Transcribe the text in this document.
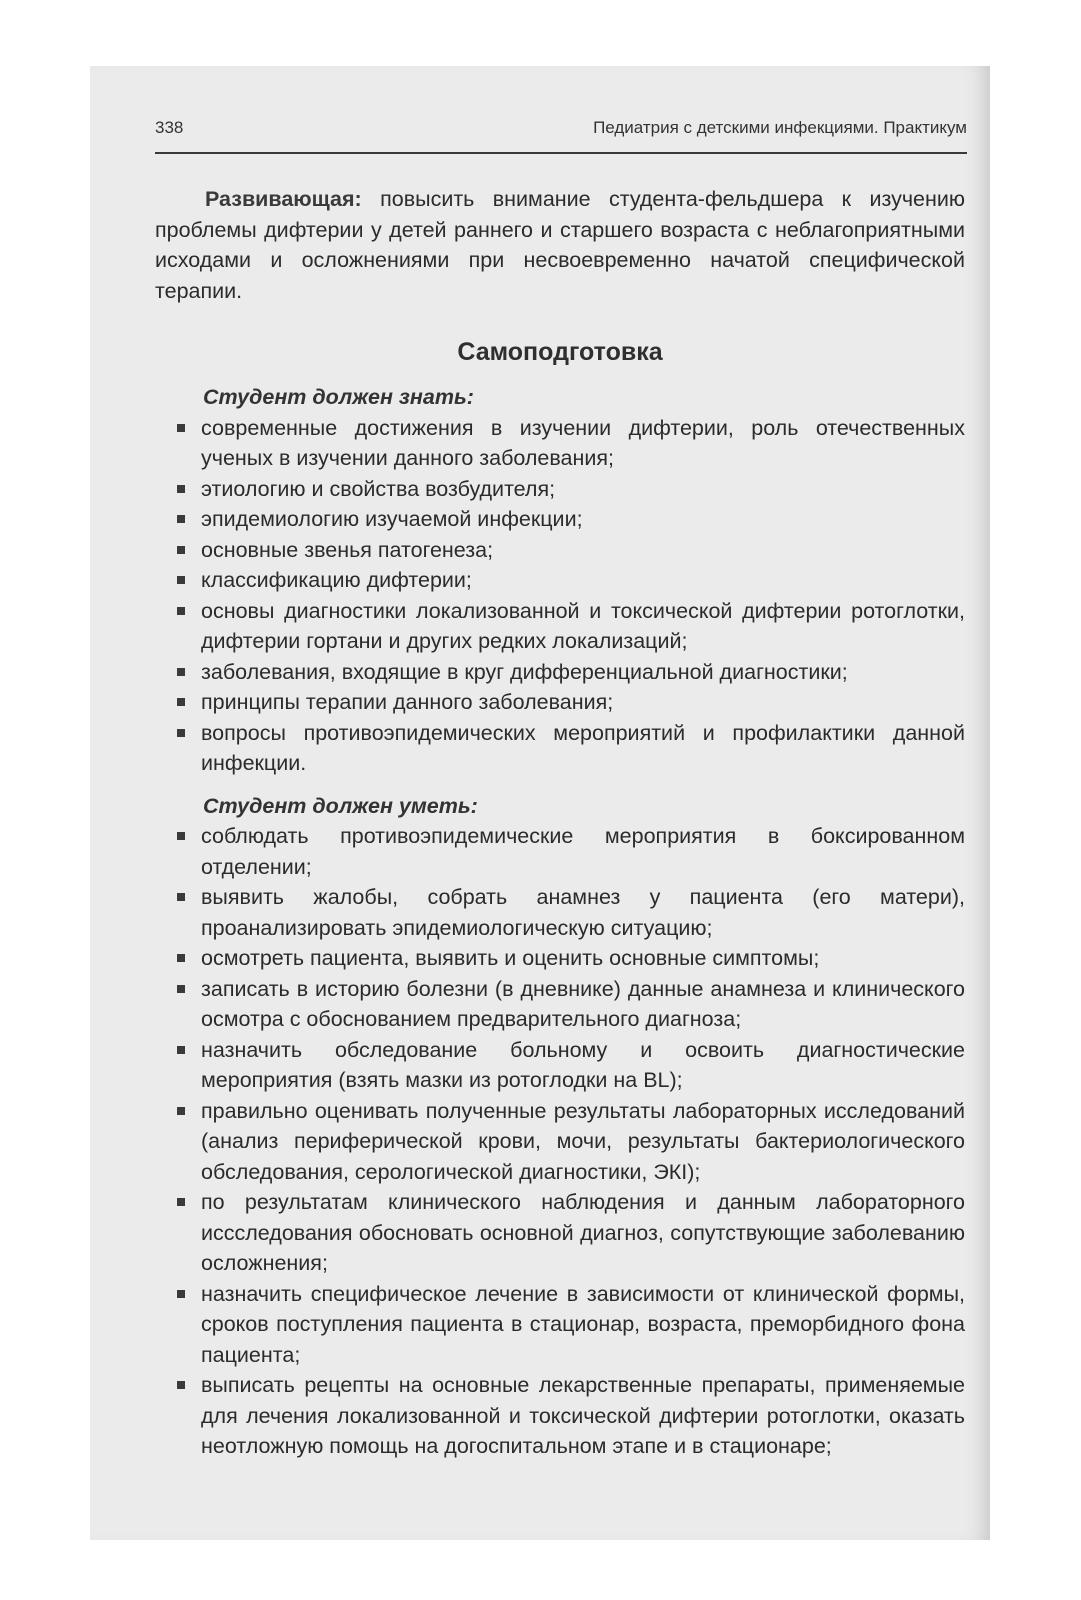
338	Педиатрия с детскими инфекциями. Практикум

Развивающая: повысить внимание студента-фельдшера к изучению проблемы дифтерии у детей раннего и старшего возраста с неблагоприятными исходами и осложнениями при несвоевременно начатой специфической терапии.

Самоподготовка
Студент должен знать:
современные достижения в изучении дифтерии, роль отечественных ученых в изучении данного заболевания;
этиологию и свойства возбудителя;
эпидемиологию изучаемой инфекции;
основные звенья патогенеза;
классификацию дифтерии;
основы диагностики локализованной и токсической дифтерии ротоглотки, дифтерии гортани и других редких локализаций;
заболевания, входящие в круг дифференциальной диагностики;
принципы терапии данного заболевания;
вопросы противоэпидемических мероприятий и профилактики данной инфекции.
Студент должен уметь:
соблюдать противоэпидемические мероприятия в боксированном отделении;
выявить жалобы, собрать анамнез у пациента (его матери), проанализировать эпидемиологическую ситуацию;
осмотреть пациента, выявить и оценить основные симптомы;
записать в историю болезни (в дневнике) данные анамнеза и клинического осмотра с обоснованием предварительного диагноза;
назначить обследование больному и освоить диагностические мероприятия (взять мазки из ротоглодки на BL);
правильно оценивать полученные результаты лабораторных исследований (анализ периферической крови, мочи, результаты бактериологического обследования, серологической диагностики, ЭКI);
по результатам клинического наблюдения и данным лабораторного иссследования обосновать основной диагноз, сопутствующие заболеванию осложнения;
назначить специфическое лечение в зависимости от клинической формы, сроков поступления пациента в стационар, возраста, преморбидного фона пациента;
выписать рецепты на основные лекарственные препараты, применяемые для лечения локализованной и токсической дифтерии ротоглотки, оказать неотложную помощь на догоспитальном этапе и в стационаре;
